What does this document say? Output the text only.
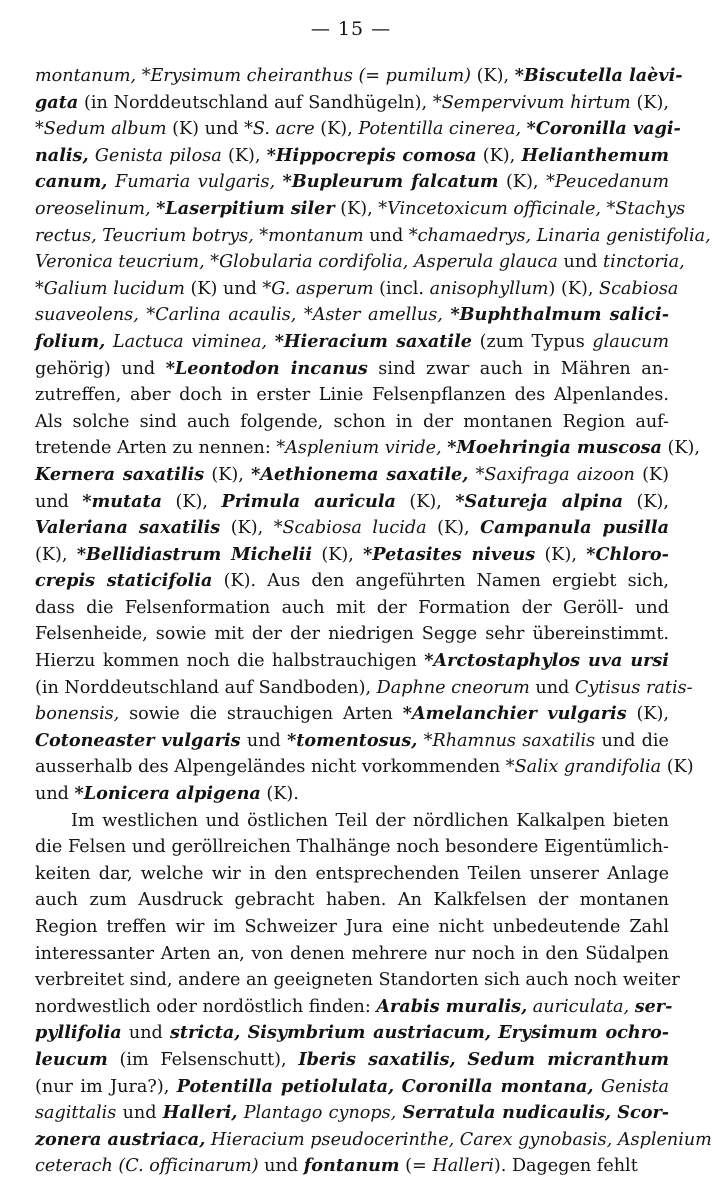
— 15 —
montanum, *Erysimum cheiranthus (= pumilum) (K), *Biscutella laèvi-
gata (in Norddeutschland auf Sandhügeln), *Sempervivum hirtum (K),
*Sedum album (K) und *S. acre (K), Potentilla cinerea, *Coronilla vagi-
nalis, Genista pilosa (K), *Hippocrepis comosa (K), Helianthemum
canum, Fumaria vulgaris, *Bupleurum falcatum (K), *Peucedanum
oreoselinum, *Laserpitium siler (K), *Vincetoxicum officinale, *Stachys
rectus, Teucrium botrys, *montanum und *chamaedrys, Linaria genistifolia,
Veronica teucrium, *Globularia cordifolia, Asperula glauca und tinctoria,
*Galium lucidum (K) und *G. asperum (incl. anisophyllum) (K), Scabiosa
suaveolens, *Carlina acaulis, *Aster amellus, *Buphthalmum salici-
folium, Lactuca viminea, *Hieracium saxatile (zum Typus glaucum
gehörig) und *Leontodon incanus sind zwar auch in Mähren an-
zutreffen, aber doch in erster Linie Felsenpflanzen des Alpenlandes.
Als solche sind auch folgende, schon in der montanen Region auf-
tretende Arten zu nennen: *Asplenium viride, *Moehringia muscosa (K),
Kernera saxatilis (K), *Aethionema saxatile, *Saxifraga aizoon (K)
und *mutata (K), Primula auricula (K), *Satureja alpina (K),
Valeriana saxatilis (K), *Scabiosa lucida (K), Campanula pusilla
(K), *Bellidiastrum Michelii (K), *Petasites niveus (K), *Chloro-
crepis staticifolia (K). Aus den angeführten Namen ergiebt sich,
dass die Felsenformation auch mit der Formation der Geröll- und
Felsenheide, sowie mit der der niedrigen Segge sehr übereinstimmt.
Hierzu kommen noch die halbstrauchigen *Arctostaphylos uva ursi
(in Norddeutschland auf Sandboden), Daphne cneorum und Cytisus ratis-
bonensis, sowie die strauchigen Arten *Amelanchier vulgaris (K),
Cotoneaster vulgaris und *tomentosus, *Rhamnus saxatilis und die
ausserhalb des Alpengeländes nicht vorkommenden *Salix grandifolia (K)
und *Lonicera alpigena (K).
Im westlichen und östlichen Teil der nördlichen Kalkalpen bieten
die Felsen und geröllreichen Thalhänge noch besondere Eigentümlich-
keiten dar, welche wir in den entsprechenden Teilen unserer Anlage
auch zum Ausdruck gebracht haben. An Kalkfelsen der montanen
Region treffen wir im Schweizer Jura eine nicht unbedeutende Zahl
interessanter Arten an, von denen mehrere nur noch in den Südalpen
verbreitet sind, andere an geeigneten Standorten sich auch noch weiter
nordwestlich oder nordöstlich finden: Arabis muralis, auriculata, ser-
pyllifolia und stricta, Sisymbrium austriacum, Erysimum ochro-
leucum (im Felsenschutt), Iberis saxatilis, Sedum micranthum
(nur im Jura?), Potentilla petiolulata, Coronilla montana, Genista
sagittalis und Halleri, Plantago cynops, Serratula nudicaulis, Scor-
zonera austriaca, Hieracium pseudocerinthe, Carex gynobasis, Asplenium
ceterach (C. officinarum) und fontanum (= Halleri). Dagegen fehlt
